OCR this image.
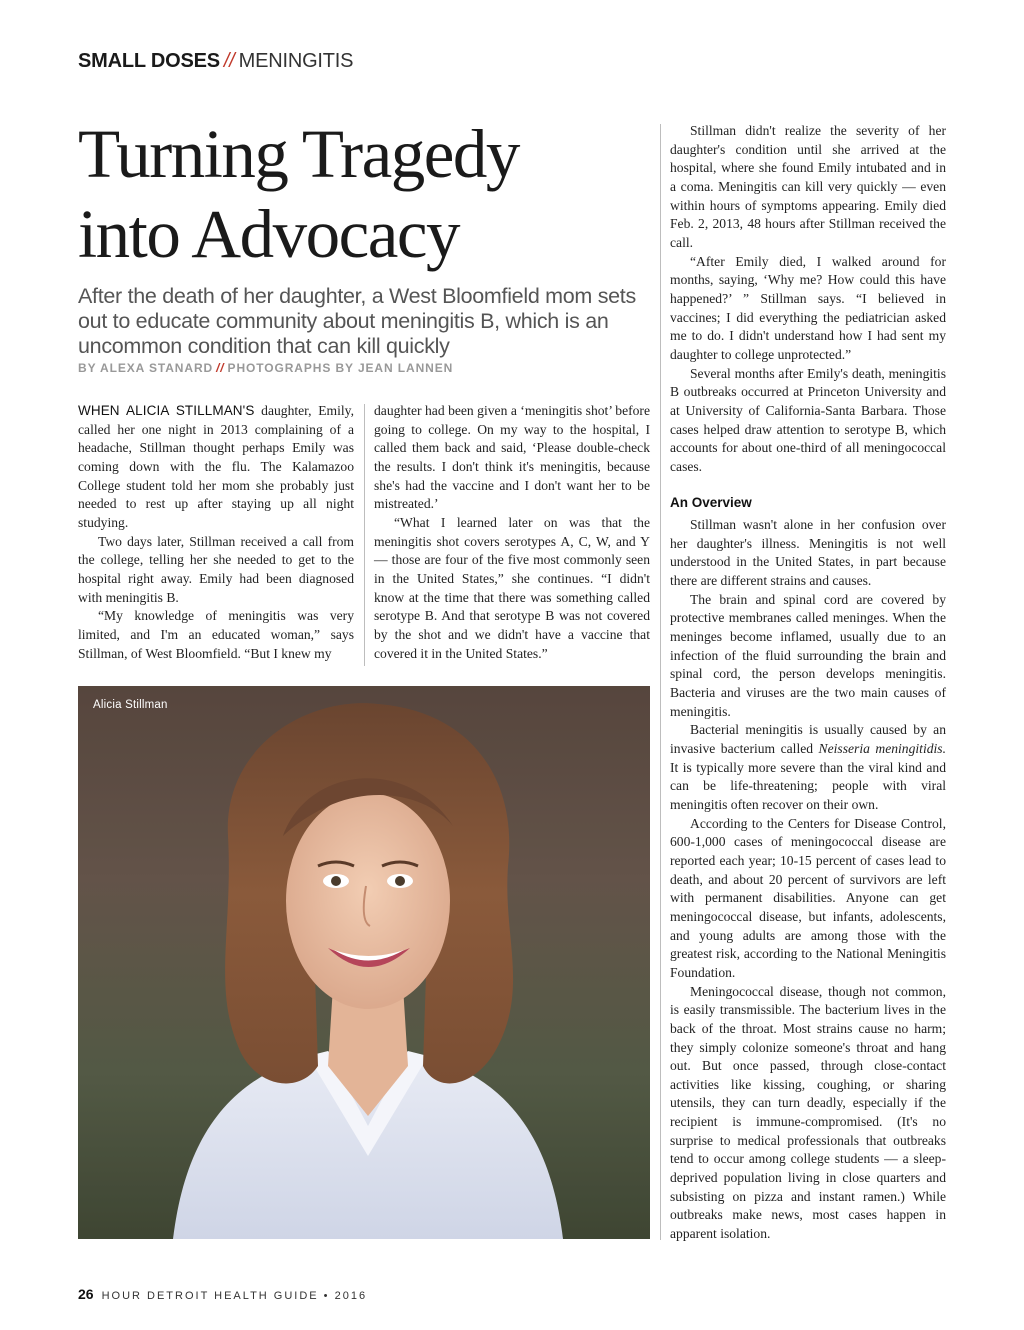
SMALL DOSES // MENINGITIS
Turning Tragedy
into Advocacy

After the death of her daughter, a West Bloomfield mom sets out to educate community about meningitis B, which is an uncommon condition that can kill quickly

BY ALEXA STANARD // PHOTOGRAPHS BY JEAN LANNEN

WHEN ALICIA STILLMAN'S daughter, Emily, called her one night in 2013 complaining of a headache, Stillman thought perhaps Emily was coming down with the flu. The Kalamazoo College student told her mom she probably just needed to rest up after staying up all night studying.

Two days later, Stillman received a call from the college, telling her she needed to get to the hospital right away. Emily had been diagnosed with meningitis B.

“My knowledge of meningitis was very limited, and I'm an educated woman,” says Stillman, of West Bloomfield. “But I knew my

daughter had been given a ‘meningitis shot’ before going to college. On my way to the hospital, I called them back and said, ‘Please double-check the results. I don't think it's meningitis, because she's had the vaccine and I don't want her to be mistreated.’

“What I learned later on was that the meningitis shot covers serotypes A, C, W, and Y — those are four of the five most commonly seen in the United States,” she continues. “I didn't know at the time that there was something called serotype B. And that serotype B was not covered by the shot and we didn't have a vaccine that covered it in the United States.”

Stillman didn't realize the severity of her daughter's condition until she arrived at the hospital, where she found Emily intubated and in a coma. Meningitis can kill very quickly — even within hours of symptoms appearing. Emily died Feb. 2, 2013, 48 hours after Stillman received the call.

“After Emily died, I walked around for months, saying, ‘Why me? How could this have happened?’ ” Stillman says. “I believed in vaccines; I did everything the pediatrician asked me to do. I didn't understand how I had sent my daughter to college unprotected.”

Several months after Emily's death, meningitis B outbreaks occurred at Princeton University and at University of California-Santa Barbara. Those cases helped draw attention to serotype B, which accounts for about one-third of all meningococcal cases.

An Overview

Stillman wasn't alone in her confusion over her daughter's illness. Meningitis is not well understood in the United States, in part because there are different strains and causes.

The brain and spinal cord are covered by protective membranes called meninges. When the meninges become inflamed, usually due to an infection of the fluid surrounding the brain and spinal cord, the person develops meningitis. Bacteria and viruses are the two main causes of meningitis.

Bacterial meningitis is usually caused by an invasive bacterium called Neisseria meningitidis. It is typically more severe than the viral kind and can be life-threatening; people with viral meningitis often recover on their own.

According to the Centers for Disease Control, 600-1,000 cases of meningococcal disease are reported each year; 10-15 percent of cases lead to death, and about 20 percent of survivors are left with permanent disabilities. Anyone can get meningococcal disease, but infants, adolescents, and young adults are among those with the greatest risk, according to the National Meningitis Foundation.

Meningococcal disease, though not common, is easily transmissible. The bacterium lives in the back of the throat. Most strains cause no harm; they simply colonize someone's throat and hang out. But once passed, through close-contact activities like kissing, coughing, or sharing utensils, they can turn deadly, especially if the recipient is immune-compromised. (It's no surprise to medical professionals that outbreaks tend to occur among college students — a sleep-deprived population living in close quarters and subsisting on pizza and instant ramen.) While outbreaks make news, most cases happen in apparent isolation.

Alicia Stillman
26 HOUR DETROIT HEALTH GUIDE • 2016
